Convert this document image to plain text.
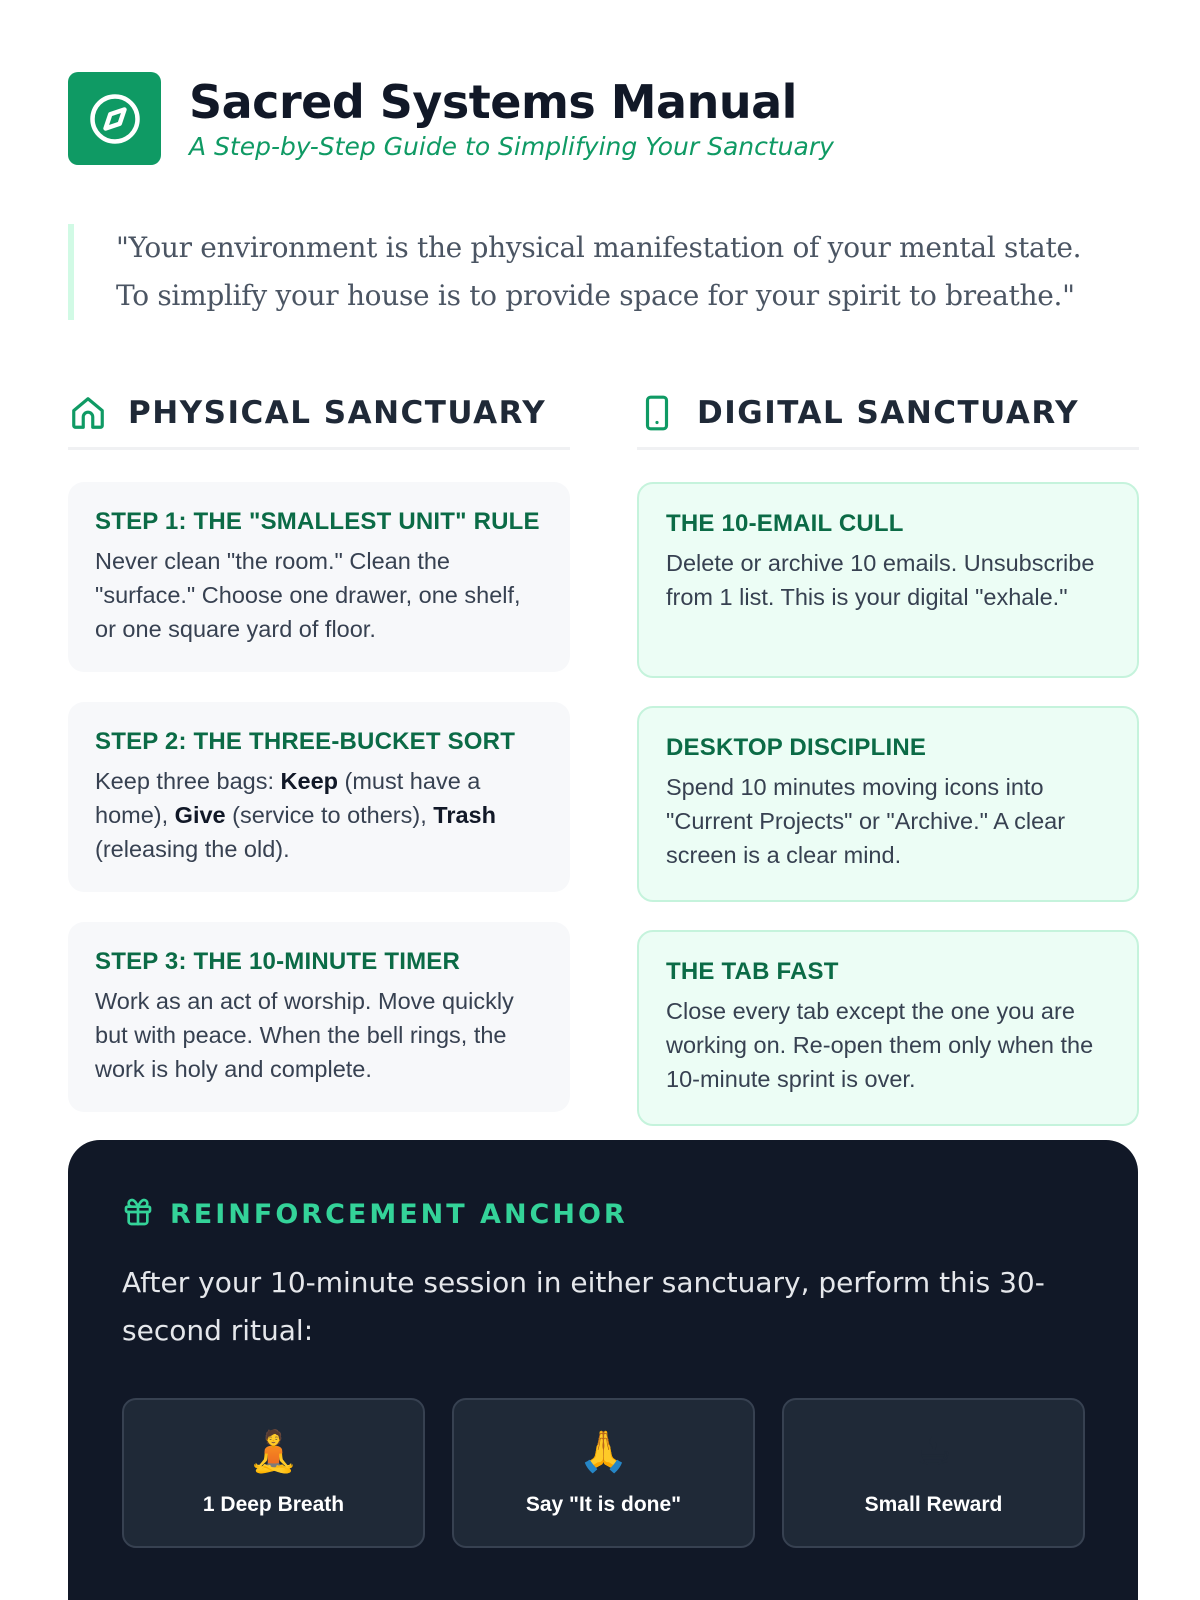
Sacred Systems Manual
A Step-by-Step Guide to Simplifying Your Sanctuary

"Your environment is the physical manifestation of your mental state.

To simplify your house is to provide space for your spirit to breathe."

PHYSICAL SANCTUARY
STEP 1: THE "SMALLEST UNIT" RULE

Never clean "the room." Clean the "surface." Choose one drawer, one shelf, or one square yard of floor.

STEP 2: THE THREE-BUCKET SORT

Keep three bags: Keep (must have a home), Give (service to others), Trash (releasing the old).

STEP 3: THE 10-MINUTE TIMER

Work as an act of worship. Move quickly but with peace. When the bell rings, the work is holy and complete.

DIGITAL SANCTUARY
THE 10-EMAIL CULL

Delete or archive 10 emails. Unsubscribe from 1 list. This is your digital "exhale."

DESKTOP DISCIPLINE

Spend 10 minutes moving icons into "Current Projects" or "Archive." A clear screen is a clear mind.

THE TAB FAST

Close every tab except the one you are working on. Re-open them only when the 10-minute sprint is over.

REINFORCEMENT ANCHOR

After your 10-minute session in either sanctuary, perform this 30-second ritual:

🧘
1 Deep Breath
🙏
Say "It is done"
☕
Small Reward
